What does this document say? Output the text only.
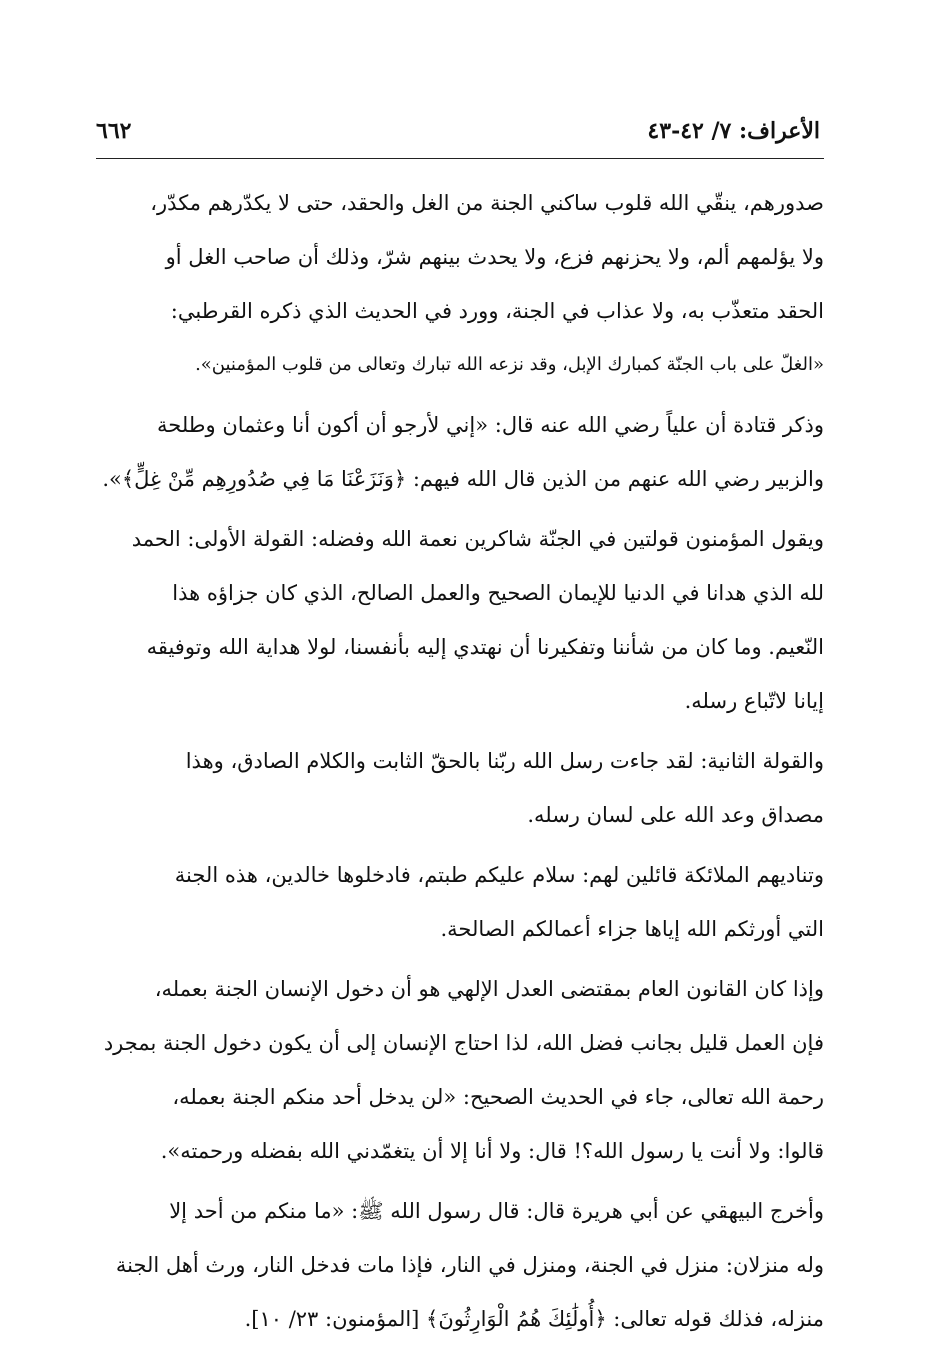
الأعراف: ٧/ ٤٢-٤٣
٦٦٢
صدورهم، ينقّي الله قلوب ساكني الجنة من الغل والحقد، حتى لا يكدّرهم مكدّر،
ولا يؤلمهم ألم، ولا يحزنهم فزع، ولا يحدث بينهم شرّ، وذلك أن صاحب الغل أو
الحقد متعذّب به، ولا عذاب في الجنة، وورد في الحديث الذي ذكره القرطبي:
«الغلّ على باب الجنّة كمبارك الإبل، وقد نزعه الله تبارك وتعالى من قلوب المؤمنين».
وذكر قتادة أن علياً رضي الله عنه قال: «إني لأرجو أن أكون أنا وعثمان وطلحة
والزبير رضي الله عنهم من الذين قال الله فيهم: ﴿وَنَزَعْنَا مَا فِي صُدُورِهِم مِّنْ غِلٍّ﴾».
ويقول المؤمنون قولتين في الجنّة شاكرين نعمة الله وفضله: القولة الأولى: الحمد
لله الذي هدانا في الدنيا للإيمان الصحيح والعمل الصالح، الذي كان جزاؤه هذا
النّعيم. وما كان من شأننا وتفكيرنا أن نهتدي إليه بأنفسنا، لولا هداية الله وتوفيقه
إيانا لاتّباع رسله.
والقولة الثانية: لقد جاءت رسل الله ربّنا بالحقّ الثابت والكلام الصادق، وهذا
مصداق وعد الله على لسان رسله.
وتناديهم الملائكة قائلين لهم: سلام عليكم طبتم، فادخلوها خالدين، هذه الجنة
التي أورثكم الله إياها جزاء أعمالكم الصالحة.
وإذا كان القانون العام بمقتضى العدل الإلهي هو أن دخول الإنسان الجنة بعمله،
فإن العمل قليل بجانب فضل الله، لذا احتاج الإنسان إلى أن يكون دخول الجنة بمجرد
رحمة الله تعالى، جاء في الحديث الصحيح: «لن يدخل أحد منكم الجنة بعمله،
قالوا: ولا أنت يا رسول الله؟! قال: ولا أنا إلا أن يتغمّدني الله بفضله ورحمته».
وأخرج البيهقي عن أبي هريرة قال: قال رسول الله ﷺ: «ما منكم من أحد إلا
وله منزلان: منزل في الجنة، ومنزل في النار، فإذا مات فدخل النار، ورث أهل الجنة
منزله، فذلك قوله تعالى: ﴿أُولَٰئِكَ هُمُ الْوَارِثُونَ﴾ [المؤمنون: ٢٣/ ١٠].
